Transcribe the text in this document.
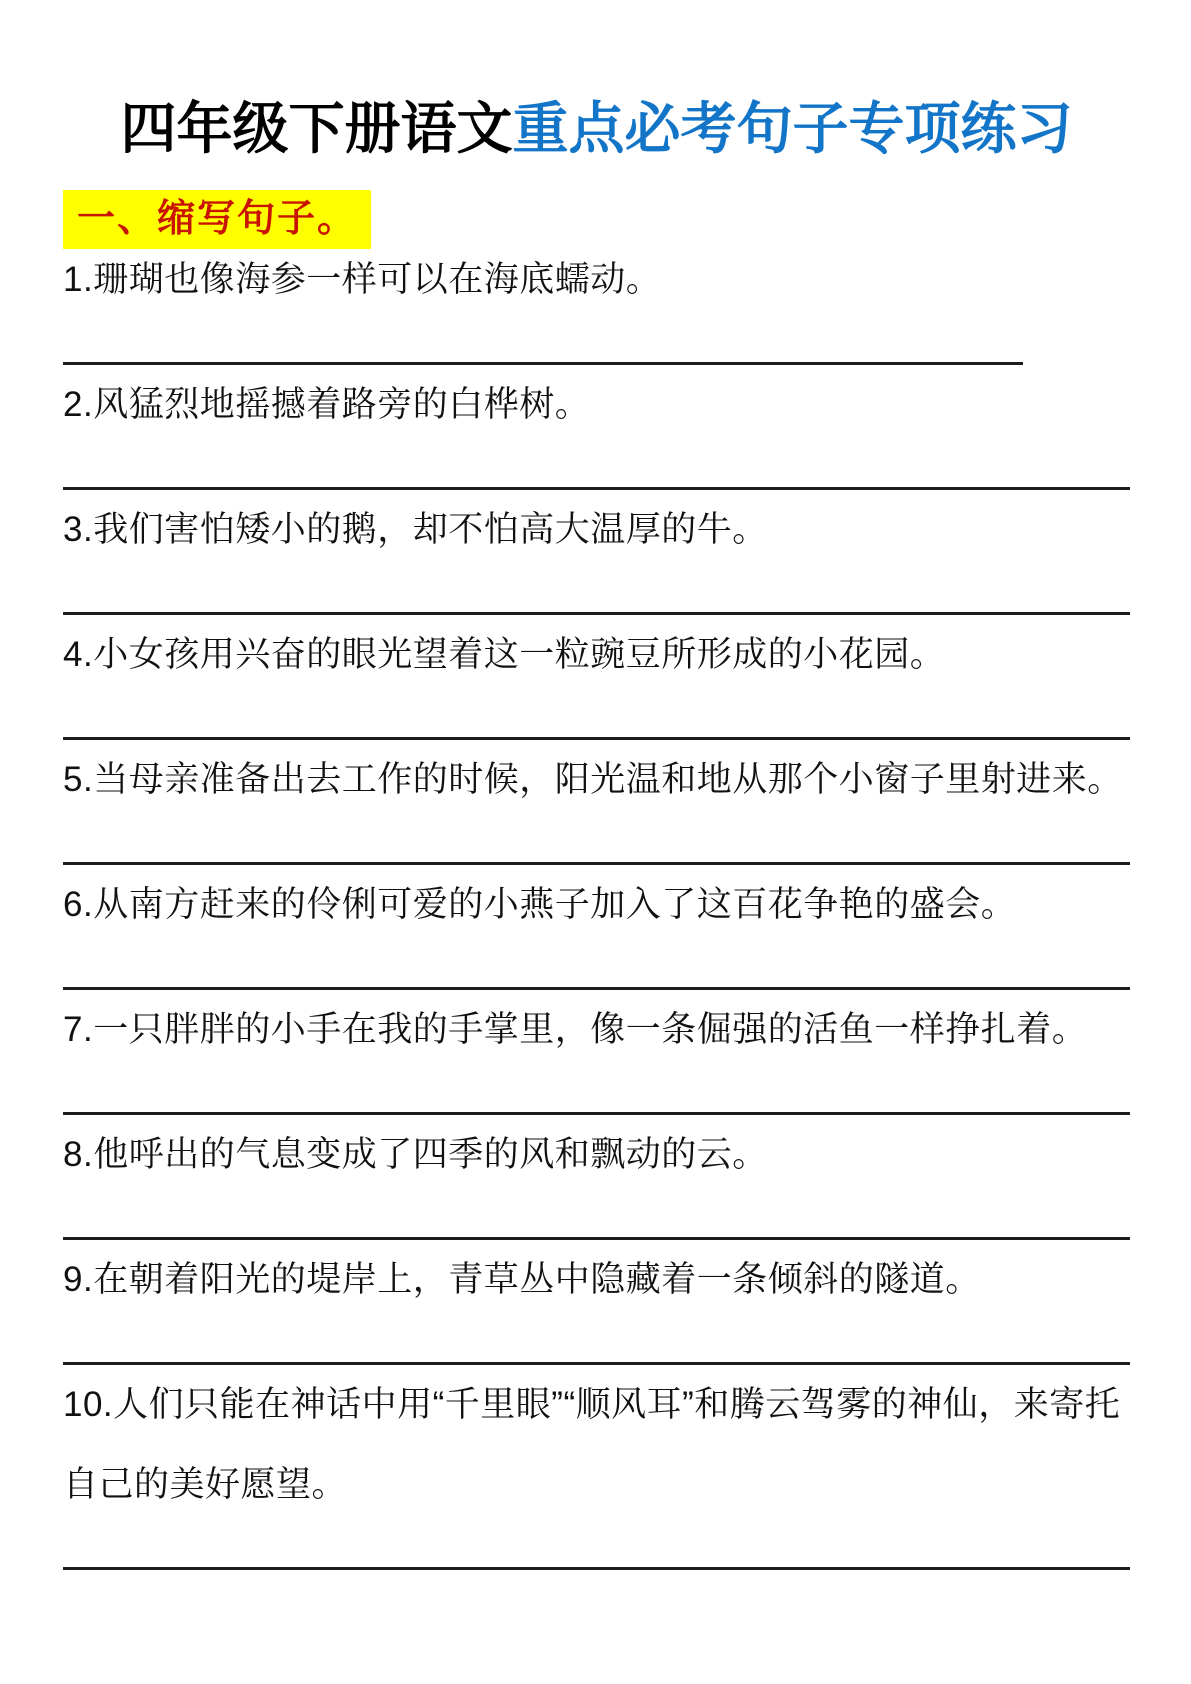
四年级下册语文重点必考句子专项练习
一、缩写句子。

1.珊瑚也像海参一样可以在海底蠕动。

2.风猛烈地摇撼着路旁的白桦树。

3.我们害怕矮小的鹅，却不怕高大温厚的牛。

4.小女孩用兴奋的眼光望着这一粒豌豆所形成的小花园。

5.当母亲准备出去工作的时候，阳光温和地从那个小窗子里射进来。

6.从南方赶来的伶俐可爱的小燕子加入了这百花争艳的盛会。

7.一只胖胖的小手在我的手掌里，像一条倔强的活鱼一样挣扎着。

8.他呼出的气息变成了四季的风和飘动的云。

9.在朝着阳光的堤岸上，青草丛中隐藏着一条倾斜的隧道。

10.人们只能在神话中用“千里眼”“顺风耳”和腾云驾雾的神仙，来寄托自己的美好愿望。
